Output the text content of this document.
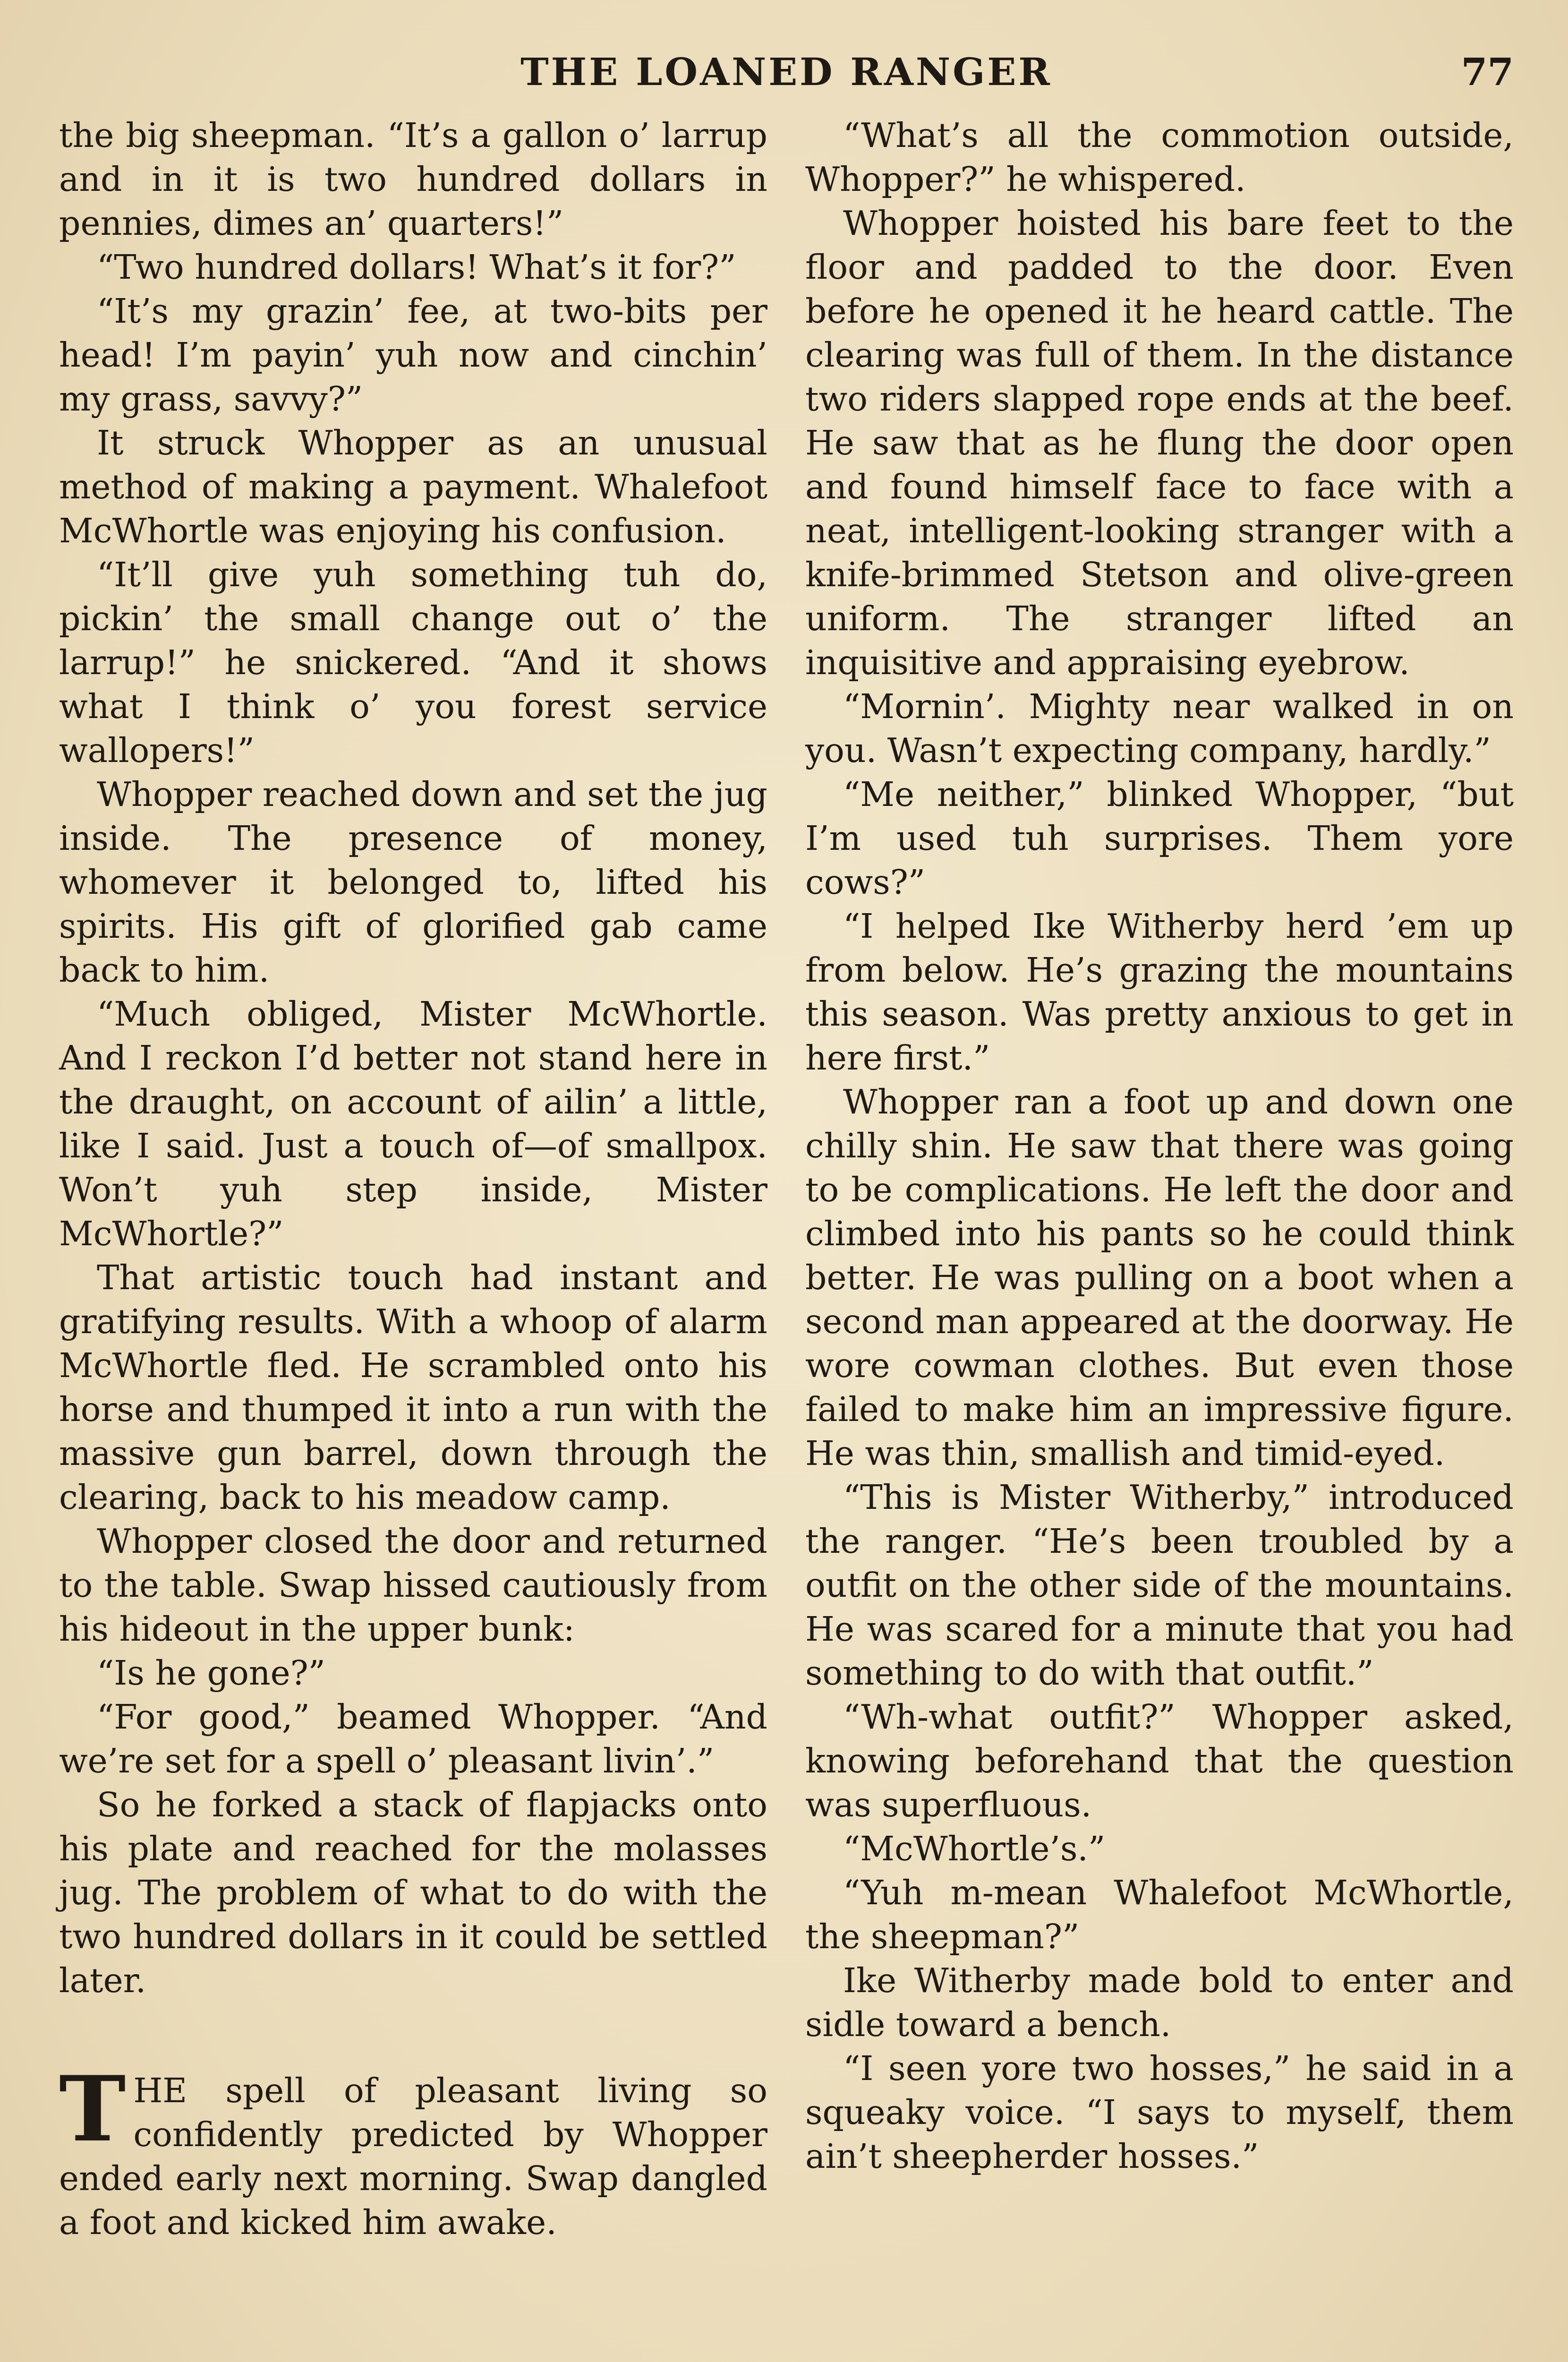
THE LOANED RANGER	77

the big sheepman. “It’s a gallon o’ larrup and in it is two hundred dollars in pennies, dimes an’ quarters!”

“Two hundred dollars! What’s it for?”

“It’s my grazin’ fee, at two-bits per head! I’m payin’ yuh now and cinchin’ my grass, savvy?”

It struck Whopper as an unusual method of making a payment. Whalefoot McWhortle was enjoying his confusion.

“It’ll give yuh something tuh do, pickin’ the small change out o’ the larrup!” he snickered. “And it shows what I think o’ you forest service wallopers!”

Whopper reached down and set the jug inside. The presence of money, whomever it belonged to, lifted his spirits. His gift of glorified gab came back to him.

“Much obliged, Mister McWhortle. And I reckon I’d better not stand here in the draught, on account of ailin’ a little, like I said. Just a touch of—of smallpox. Won’t yuh step inside, Mister McWhortle?”

That artistic touch had instant and gratifying results. With a whoop of alarm McWhortle fled. He scrambled onto his horse and thumped it into a run with the massive gun barrel, down through the clearing, back to his meadow camp.

Whopper closed the door and returned to the table. Swap hissed cautiously from his hideout in the upper bunk:

“Is he gone?”

“For good,” beamed Whopper. “And we’re set for a spell o’ pleasant livin’.”

So he forked a stack of flapjacks onto his plate and reached for the molasses jug. The problem of what to do with the two hundred dollars in it could be settled later.

THE spell of pleasant living so confidently predicted by Whopper ended early next morning. Swap dangled a foot and kicked him awake.

“What’s all the commotion outside, Whopper?” he whispered.

Whopper hoisted his bare feet to the floor and padded to the door. Even before he opened it he heard cattle. The clearing was full of them. In the distance two riders slapped rope ends at the beef. He saw that as he flung the door open and found himself face to face with a neat, intelligent-looking stranger with a knife-brimmed Stetson and olive-green uniform. The stranger lifted an inquisitive and appraising eyebrow.

“Mornin’. Mighty near walked in on you. Wasn’t expecting company, hardly.”

“Me neither,” blinked Whopper, “but I’m used tuh surprises. Them yore cows?”

“I helped Ike Witherby herd ’em up from below. He’s grazing the mountains this season. Was pretty anxious to get in here first.”

Whopper ran a foot up and down one chilly shin. He saw that there was going to be complications. He left the door and climbed into his pants so he could think better. He was pulling on a boot when a second man appeared at the doorway. He wore cowman clothes. But even those failed to make him an impressive figure. He was thin, smallish and timid-eyed.

“This is Mister Witherby,” introduced the ranger. “He’s been troubled by a outfit on the other side of the mountains. He was scared for a minute that you had something to do with that outfit.”

“Wh-what outfit?” Whopper asked, knowing beforehand that the question was superfluous.

“McWhortle’s.”

“Yuh m-mean Whalefoot McWhortle, the sheepman?”

Ike Witherby made bold to enter and sidle toward a bench.

“I seen yore two hosses,” he said in a squeaky voice. “I says to myself, them ain’t sheepherder hosses.”
